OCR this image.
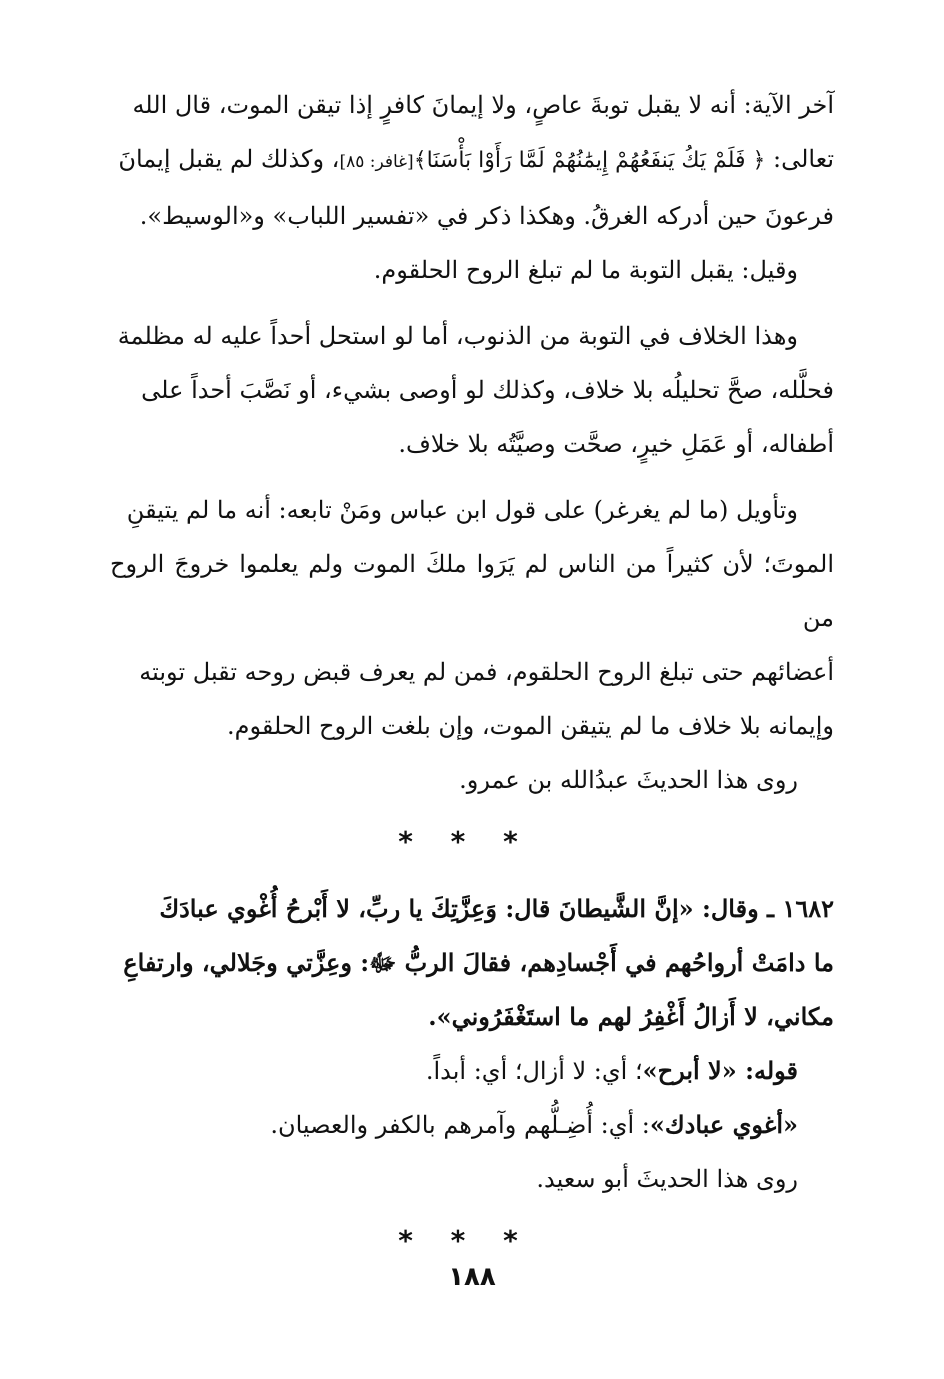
آخر الآية: أنه لا يقبل توبةَ عاصٍ، ولا إيمانَ كافرٍ إذا تيقن الموت، قال الله
تعالى: ﴿ فَلَمْ يَكُ يَنفَعُهُمْ إِيمَٰنُهُمْ لَمَّا رَأَوْا بَأْسَنَا﴾[غافر: ٨٥]، وكذلك لم يقبل إيمانَ
فرعونَ حين أدركه الغرقُ. وهكذا ذكر في «تفسير اللباب» و«الوسيط».

وقيل: يقبل التوبة ما لم تبلغ الروح الحلقوم.

وهذا الخلاف في التوبة من الذنوب، أما لو استحل أحداً عليه له مظلمة
فحلَّله، صحَّ تحليلُه بلا خلاف، وكذلك لو أوصى بشيء، أو نَصَّبَ أحداً على
أطفاله، أو عَمَلِ خيرٍ، صحَّت وصيَّتُه بلا خلاف.

وتأويل (ما لم يغرغر) على قول ابن عباس ومَنْ تابعه: أنه ما لم يتيقنِ
الموتَ؛ لأن كثيراً من الناس لم يَرَوا ملكَ الموت ولم يعلموا خروجَ الروح من
أعضائهم حتى تبلغ الروح الحلقوم، فمن لم يعرف قبض روحه تقبل توبته
وإيمانه بلا خلاف ما لم يتيقن الموت، وإن بلغت الروح الحلقوم.

روى هذا الحديثَ عبدُالله بن عمرو.

* * *

١٦٨٢ ـ وقال: «إنَّ الشَّيطانَ قال: وَعِزَّتِكَ يا ربِّ، لا أَبْرحُ أُغْوي عبادَكَ
ما دامَتْ أرواحُهم في أَجْسادِهم، فقالَ الربُّ ﷻ: وعِزَّتي وجَلالي، وارتفاعِ
مكاني، لا أَزالُ أَغْفِرُ لهم ما استَغْفَرُوني».

قوله: «لا أبرح»؛ أي: لا أزال؛ أي: أبداً.

«أغوي عبادك»: أي: أُضِـلُّهم وآمرهم بالكفر والعصيان.

روى هذا الحديثَ أبو سعيد.

* * *
١٨٨
